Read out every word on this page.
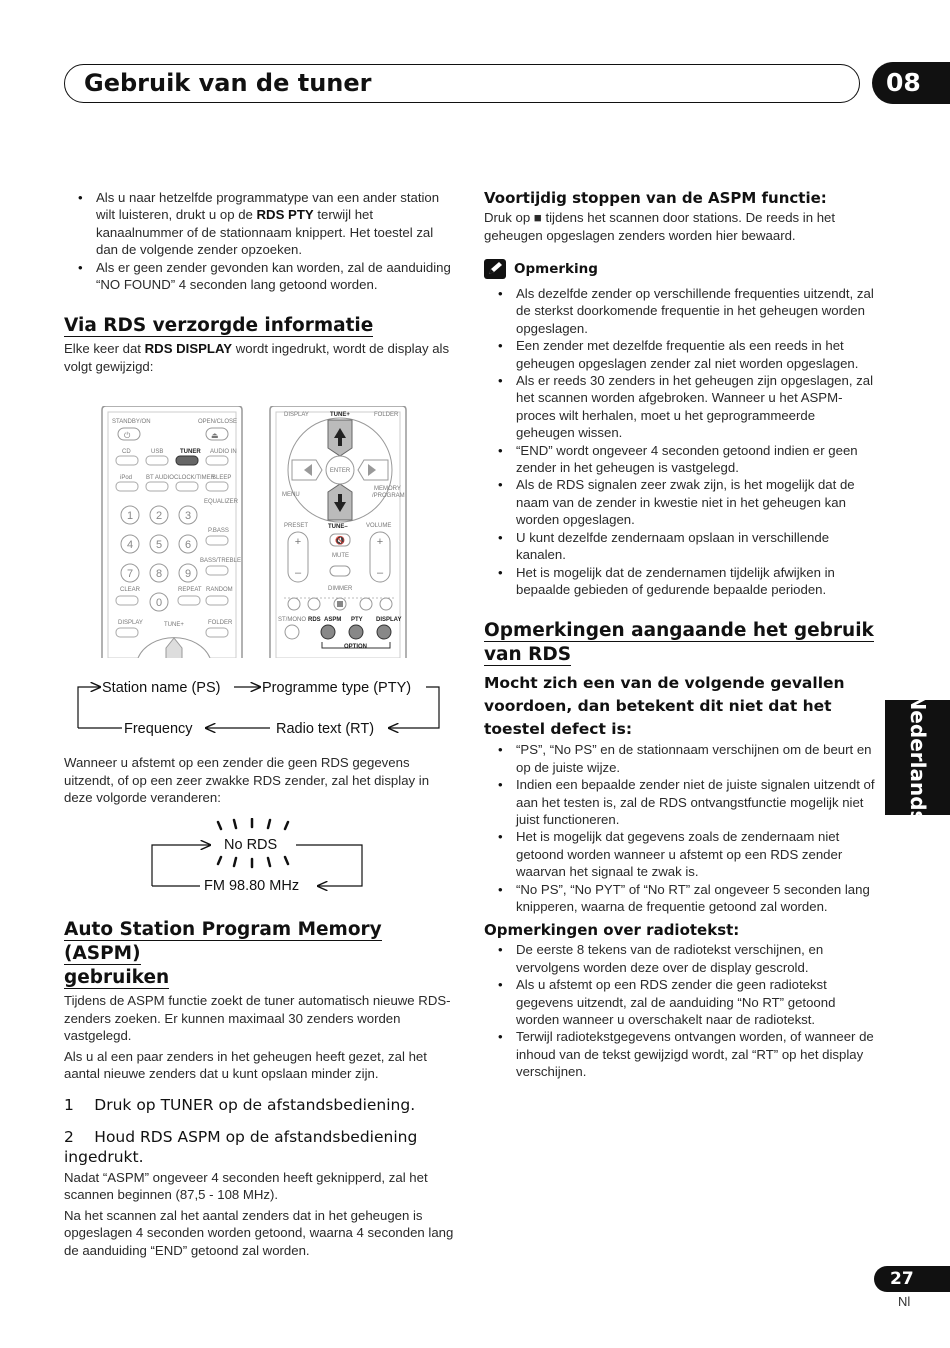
Gebruik van de tuner	08
• Als u naar hetzelfde programmatype van een ander station wilt luisteren, drukt u op de RDS PTY terwijl het kanaalnummer of de stationnaam knippert. Het toestel zal dan de volgende zender opzoeken.
• Als er geen zender gevonden kan worden, zal de aanduiding “NO FOUND” 4 seconden lang getoond worden.
Via RDS verzorgde informatie
Elke keer dat RDS DISPLAY wordt ingedrukt, wordt de display als volgt gewijzigd:
STANDBY/ON	OPEN/CLOSE
⏻	⏏
CD	USB	TUNER AUDIO IN
iPod BT AUDIO CLOCK/TIMER
SLEEP
EQUALIZER
P.BASS
BASS/TREBLE
1 2 3
4 5 6
7 8 9
0
CLEAR	REPEAT RANDOM
DISPLAY	TUNE+	FOLDER
DISPLAY	TUNE+	FOLDER
ENTER
MENU
MEMORY
/PROGRAM
PRESET	TUNE–	VOLUME
+
–
+
–
🔇
MUTE
DIMMER
ST/MONO RDS ASPM PTY DISPLAY
OPTION
Station name (PS)	Programme type (PTY)
Frequency	Radio text (RT)
Wanneer u afstemt op een zender die geen RDS gegevens uitzendt, of op een zeer zwakke RDS zender, zal het display in deze volgorde veranderen:
No RDS
FM 98.80 MHz
Auto Station Program Memory (ASPM)
gebruiken
Tijdens de ASPM functie zoekt de tuner automatisch nieuwe RDS-zenders zoeken. Er kunnen maximaal 30 zenders worden vastgelegd.
Als u al een paar zenders in het geheugen heeft gezet, zal het aantal nieuwe zenders dat u kunt opslaan minder zijn.
1  Druk op TUNER op de afstandsbediening.
2  Houd RDS ASPM op de afstandsbediening
ingedrukt.
Nadat “ASPM” ongeveer 4 seconden heeft geknipperd, zal het scannen beginnen (87,5 - 108 MHz).
Na het scannen zal het aantal zenders dat in het geheugen is opgeslagen 4 seconden worden getoond, waarna 4 seconden lang de aanduiding “END” getoond zal worden.
Voortijdig stoppen van de ASPM functie:
Druk op ■ tijdens het scannen door stations. De reeds in het geheugen opgeslagen zenders worden hier bewaard.
Opmerking
• Als dezelfde zender op verschillende frequenties uitzendt, zal de sterkst doorkomende frequentie in het geheugen worden opgeslagen.
• Een zender met dezelfde frequentie als een reeds in het geheugen opgeslagen zender zal niet worden opgeslagen.
• Als er reeds 30 zenders in het geheugen zijn opgeslagen, zal het scannen worden afgebroken. Wanneer u het ASPM-proces wilt herhalen, moet u het geprogrammeerde geheugen wissen.
• “END” wordt ongeveer 4 seconden getoond indien er geen zender in het geheugen is vastgelegd.
• Als de RDS signalen zeer zwak zijn, is het mogelijk dat de naam van de zender in kwestie niet in het geheugen kan worden opgeslagen.
• U kunt dezelfde zendernaam opslaan in verschillende kanalen.
• Het is mogelijk dat de zendernamen tijdelijk afwijken in bepaalde gebieden of gedurende bepaalde perioden.
Opmerkingen aangaande het gebruik
van RDS
Mocht zich een van de volgende gevallen voordoen, dan betekent dit niet dat het toestel defect is:
• “PS”, “No PS” en de stationnaam verschijnen om de beurt en op de juiste wijze.
• Indien een bepaalde zender niet de juiste signalen uitzendt of aan het testen is, zal de RDS ontvangstfunctie mogelijk niet juist functioneren.
• Het is mogelijk dat gegevens zoals de zendernaam niet getoond worden wanneer u afstemt op een RDS zender waarvan het signaal te zwak is.
• “No PS”, “No PYT” of “No RT” zal ongeveer 5 seconden lang knipperen, waarna de frequentie getoond zal worden.
Opmerkingen over radiotekst:
• De eerste 8 tekens van de radiotekst verschijnen, en vervolgens worden deze over de display gescrold.
• Als u afstemt op een RDS zender die geen radiotekst gegevens uitzendt, zal de aanduiding “No RT” getoond worden wanneer u overschakelt naar de radiotekst.
• Terwijl radiotekstgegevens ontvangen worden, of wanneer de inhoud van de tekst gewijzigd wordt, zal “RT” op het display verschijnen.
Nederlands
27
Nl
